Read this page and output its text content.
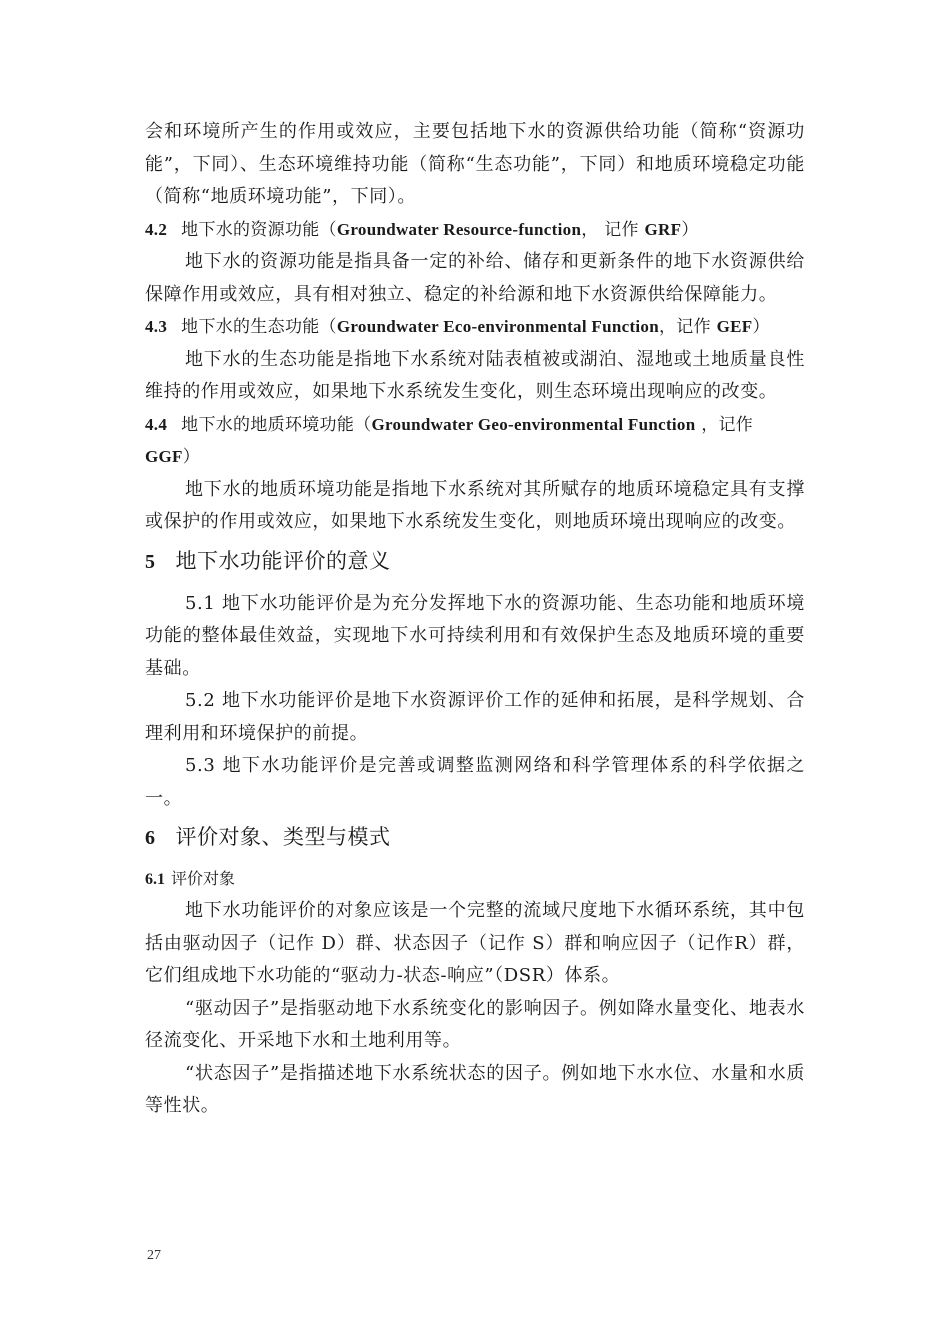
会和环境所产生的作用或效应，主要包括地下水的资源供给功能（简称“资源功能”，下同）、生态环境维持功能（简称“生态功能”，下同）和地质环境稳定功能（简称“地质环境功能”，下同）。

4.2 地下水的资源功能（Groundwater Resource-function， 记作 GRF）

地下水的资源功能是指具备一定的补给、储存和更新条件的地下水资源供给保障作用或效应，具有相对独立、稳定的补给源和地下水资源供给保障能力。

4.3 地下水的生态功能（Groundwater Eco-environmental Function，记作 GEF）

地下水的生态功能是指地下水系统对陆表植被或湖泊、湿地或土地质量良性维持的作用或效应，如果地下水系统发生变化，则生态环境出现响应的改变。

4.4 地下水的地质环境功能（Groundwater Geo-environmental Function ，记作
GGF）

地下水的地质环境功能是指地下水系统对其所赋存的地质环境稳定具有支撑或保护的作用或效应，如果地下水系统发生变化，则地质环境出现响应的改变。

5 地下水功能评价的意义

5.1 地下水功能评价是为充分发挥地下水的资源功能、生态功能和地质环境功能的整体最佳效益，实现地下水可持续利用和有效保护生态及地质环境的重要基础。

5.2 地下水功能评价是地下水资源评价工作的延伸和拓展，是科学规划、合理利用和环境保护的前提。

5.3 地下水功能评价是完善或调整监测网络和科学管理体系的科学依据之一。

6 评价对象、类型与模式
6.1 评价对象

地下水功能评价的对象应该是一个完整的流域尺度地下水循环系统，其中包括由驱动因子（记作 D）群、状态因子（记作 S）群和响应因子（记作R）群，它们组成地下水功能的“驱动力-状态-响应”（DSR）体系。

“驱动因子”是指驱动地下水系统变化的影响因子。例如降水量变化、地表水径流变化、开采地下水和土地利用等。

“状态因子”是指描述地下水系统状态的因子。例如地下水水位、水量和水质等性状。

27
